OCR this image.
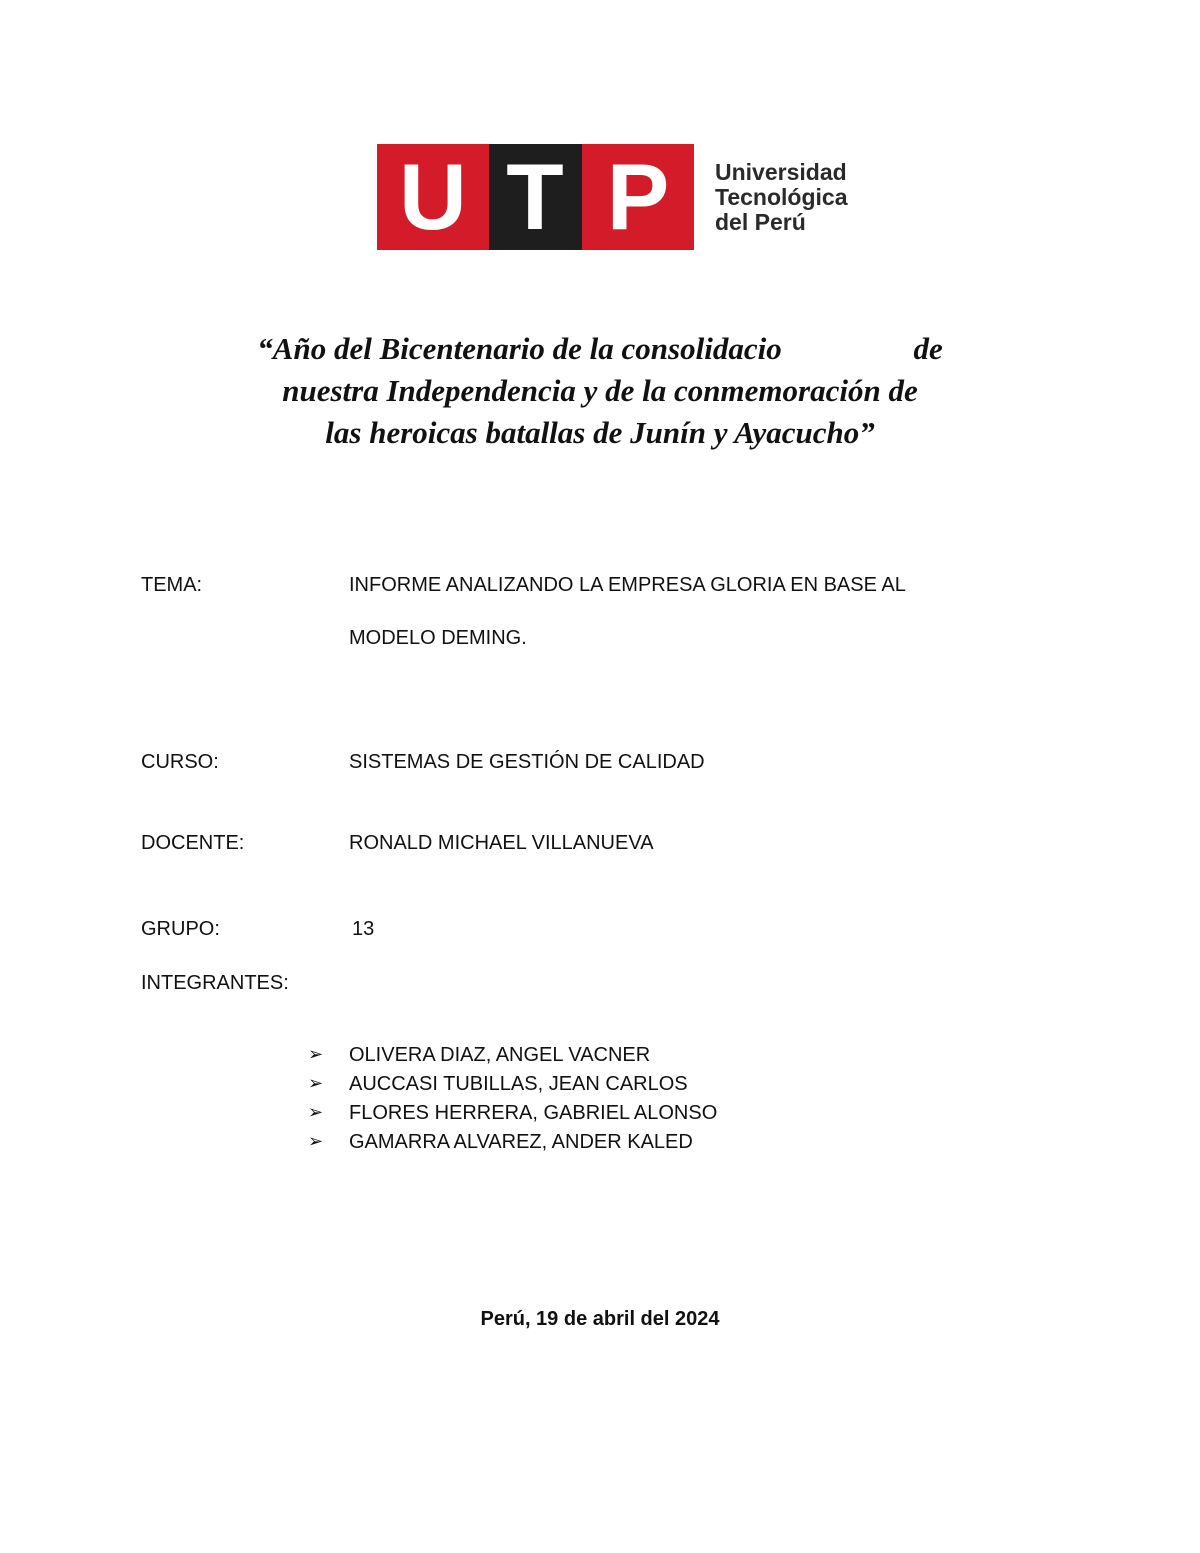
U T P	Universidad
Tecnológica
del Perú
“Año del Bicentenario de la consolidacio                 de
nuestra Independencia y de la conmemoración de
las heroicas batallas de Junín y Ayacucho”
TEMA:	INFORME ANALIZANDO LA EMPRESA GLORIA EN BASE AL
MODELO DEMING.
CURSO:	SISTEMAS DE GESTIÓN DE CALIDAD
DOCENTE:	RONALD MICHAEL VILLANUEVA
GRUPO:	13
INTEGRANTES:
➢	OLIVERA DIAZ, ANGEL VACNER
➢	AUCCASI TUBILLAS, JEAN CARLOS
➢	FLORES HERRERA, GABRIEL ALONSO
➢	GAMARRA ALVAREZ, ANDER KALED
Perú, 19 de abril del 2024
